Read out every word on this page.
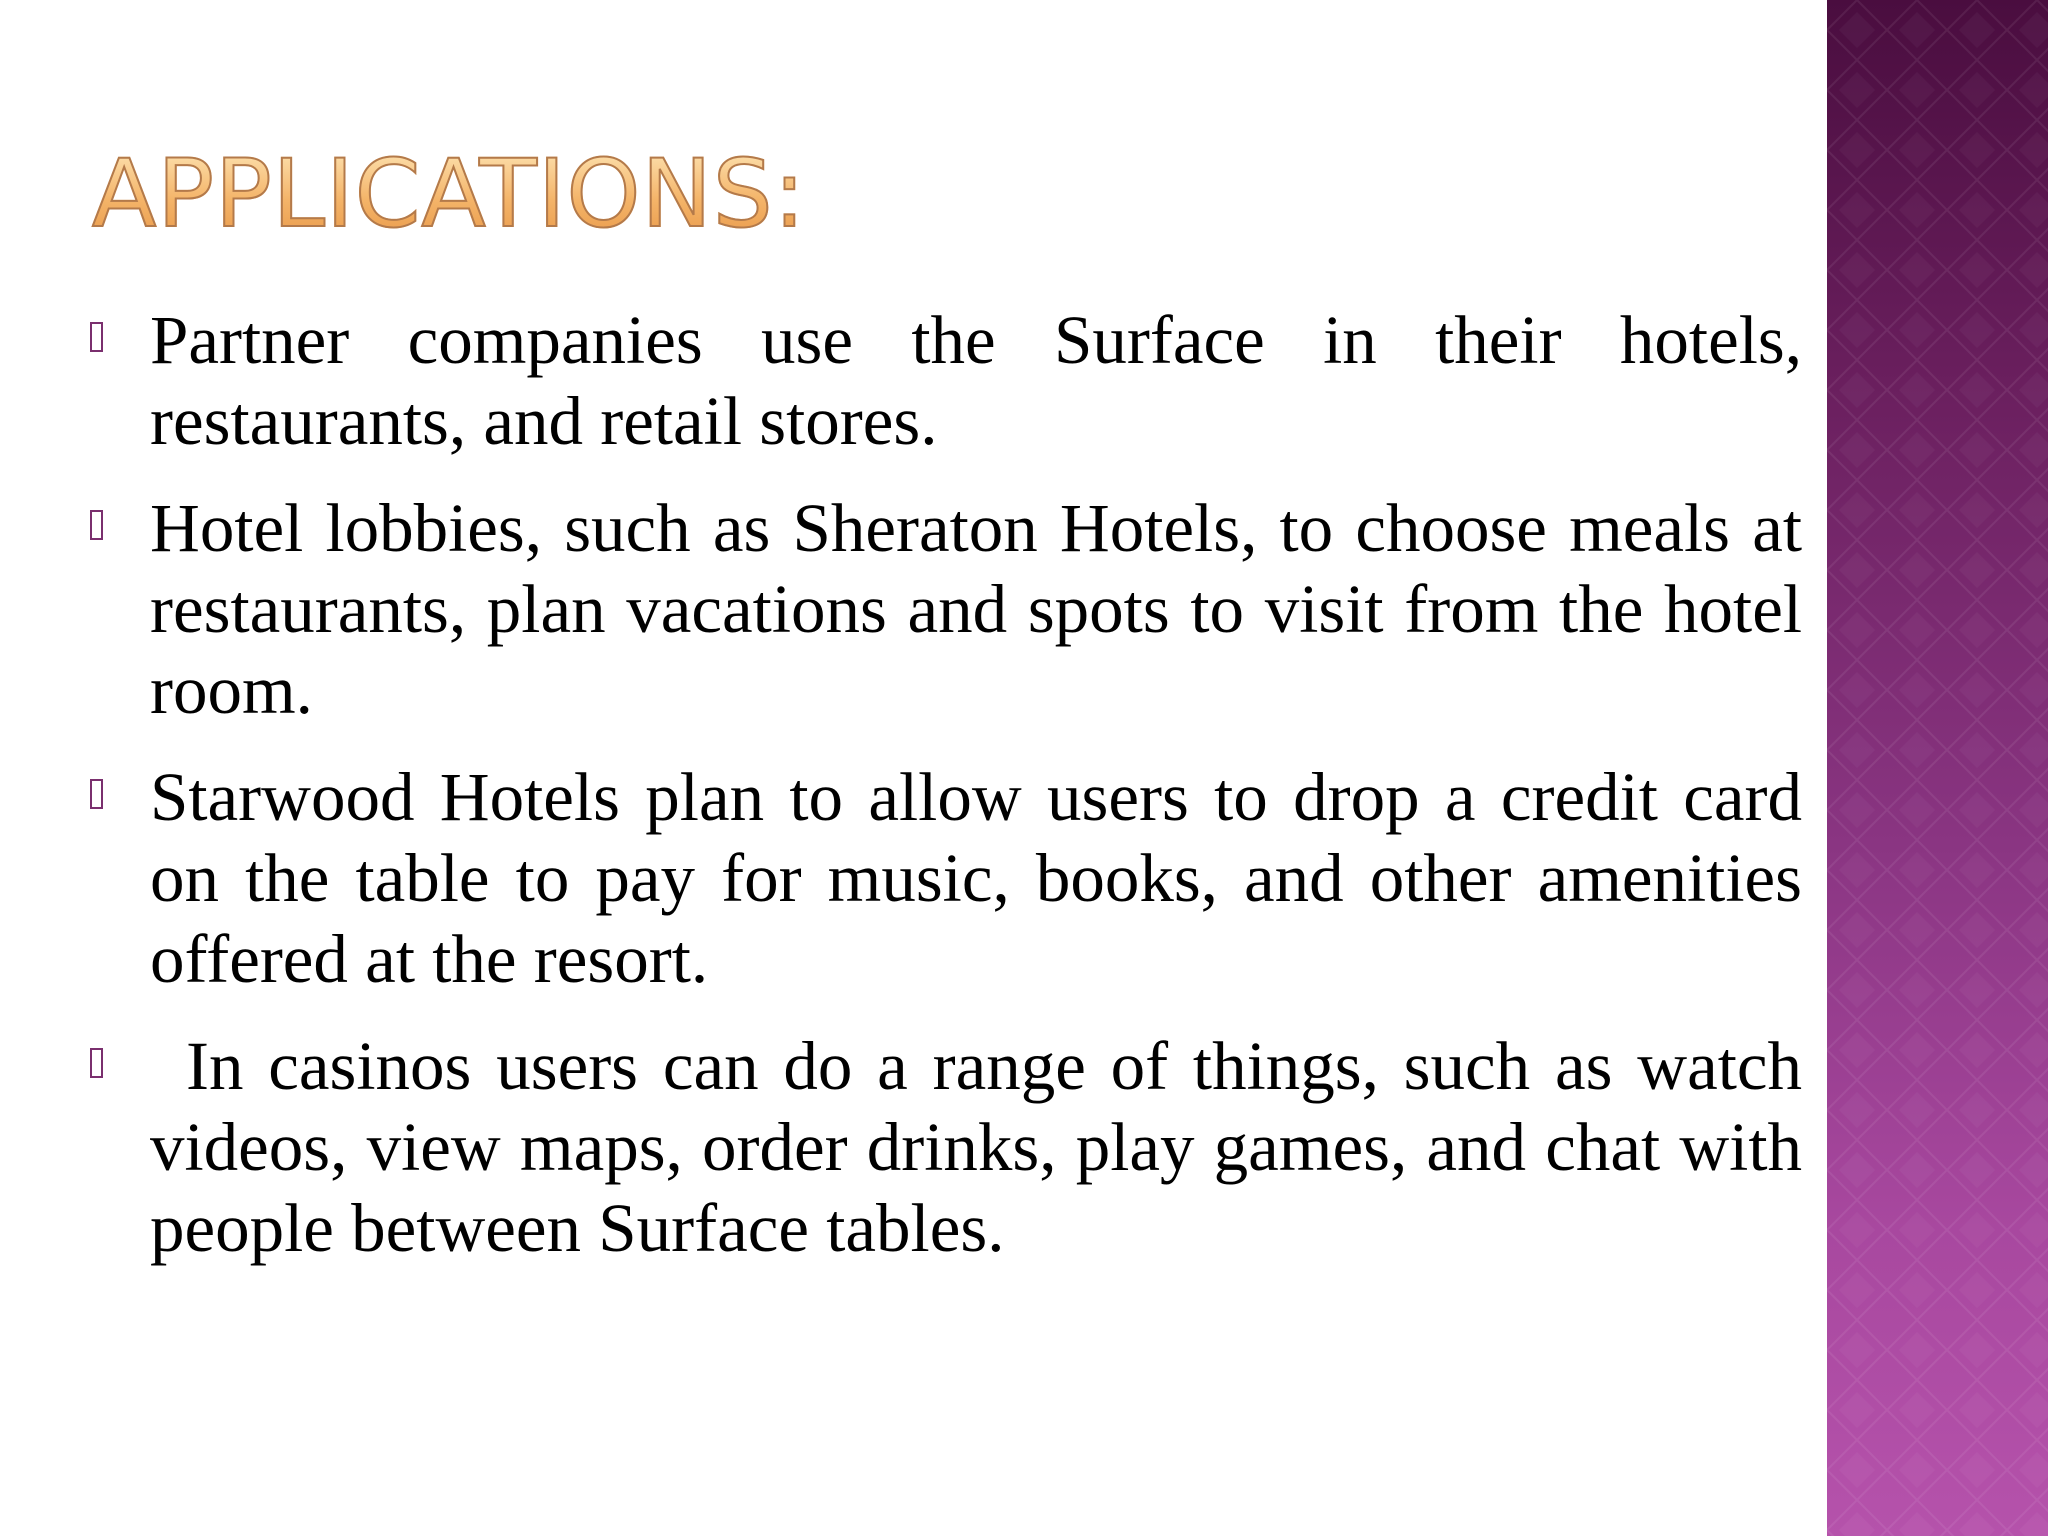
APPLICATIONS:
Partner companies use the Surface in their hotels, restaurants, and retail stores.
Hotel lobbies, such as Sheraton Hotels, to choose meals at restaurants, plan vacations and spots to visit from the hotel room.
Starwood Hotels plan to allow users to drop a credit card on the table to pay for music, books, and other amenities offered at the resort.
In casinos users can do a range of things, such as watch videos, view maps, order drinks, play games, and chat with people between Surface tables.
